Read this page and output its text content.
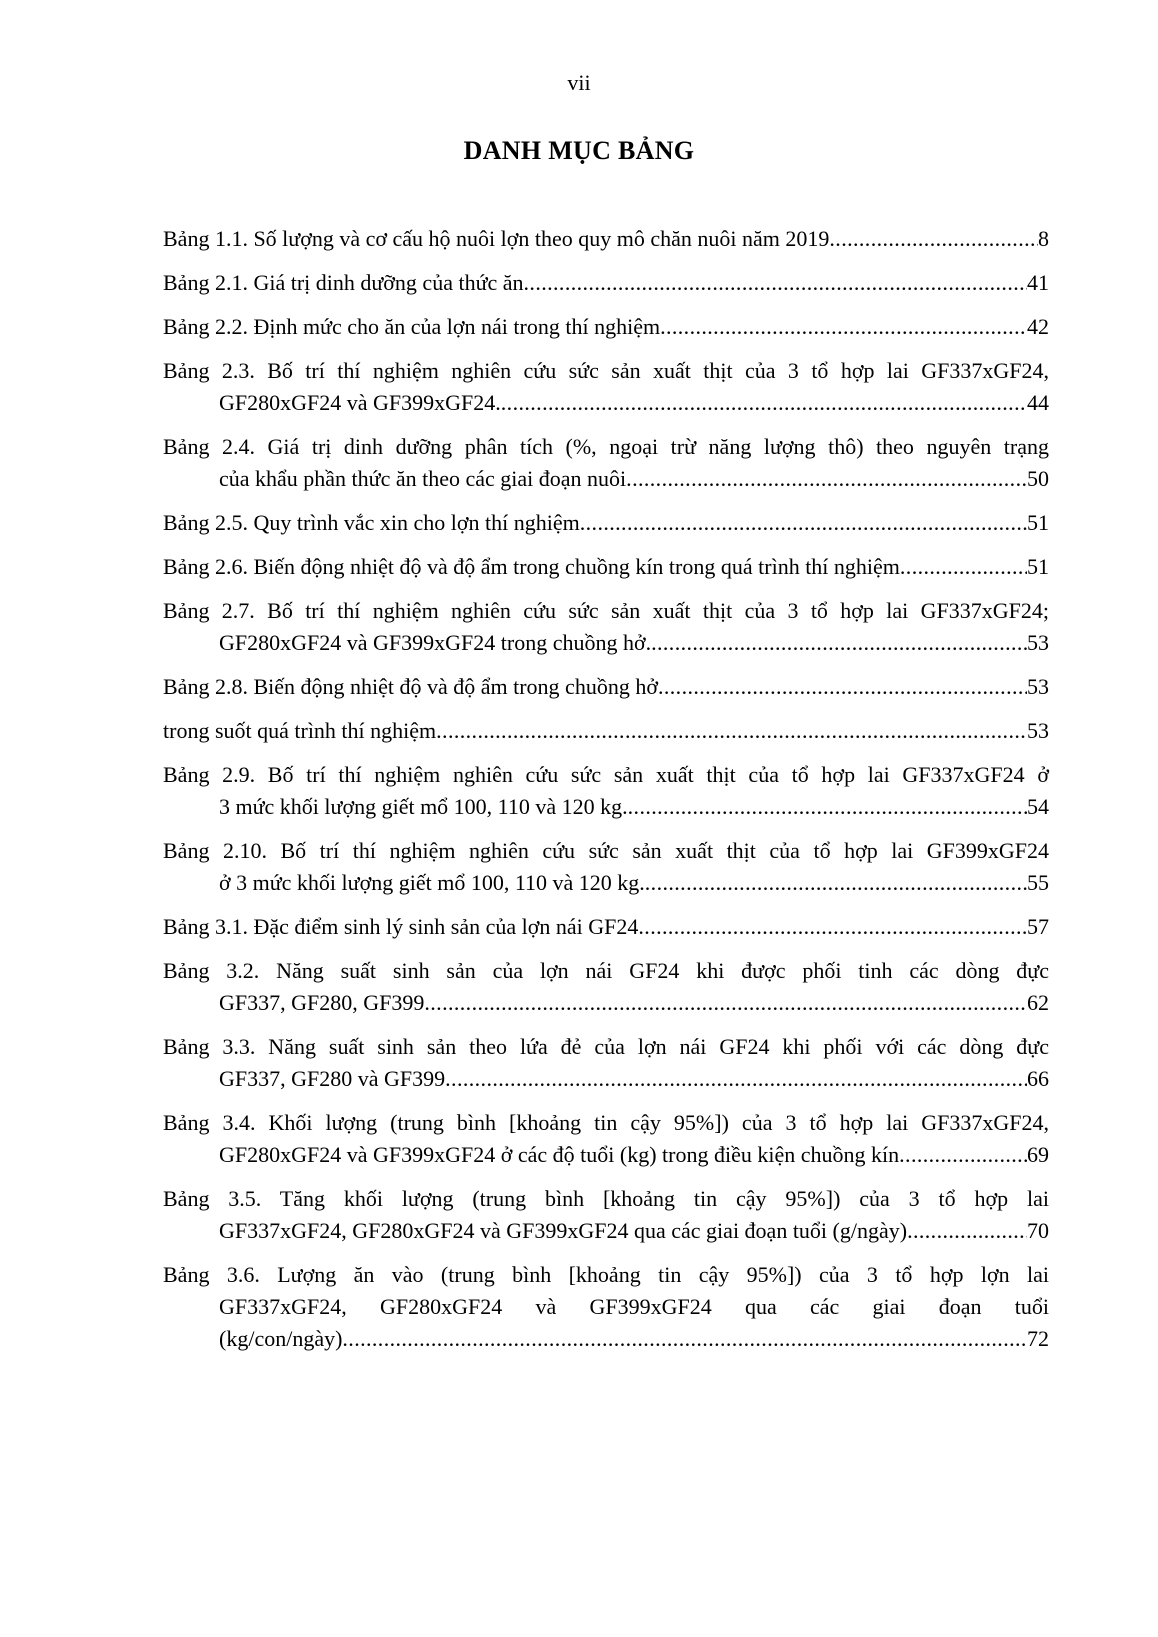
vii
DANH MỤC BẢNG
Bảng 1.1. Số lượng và cơ cấu hộ nuôi lợn theo quy mô chăn nuôi năm 2019 .....	8
Bảng 2.1. Giá trị dinh dưỡng của thức ăn .....	41
Bảng 2.2. Định mức cho ăn của lợn nái trong thí nghiệm .....	42
Bảng 2.3. Bố trí thí nghiệm nghiên cứu sức sản xuất thịt của 3 tổ hợp lai GF337xGF24,
GF280xGF24 và GF399xGF24. .....	44
Bảng 2.4. Giá trị dinh dưỡng phân tích (%, ngoại trừ năng lượng thô) theo nguyên trạng
của khẩu phần thức ăn theo các giai đoạn nuôi .....	50
Bảng 2.5. Quy trình vắc xin cho lợn thí nghiệm .....	51
Bảng 2.6. Biến động nhiệt độ và độ ẩm trong chuồng kín trong quá trình thí nghiệm .....	51
Bảng 2.7. Bố trí thí nghiệm nghiên cứu sức sản xuất thịt của 3 tổ hợp lai GF337xGF24;
GF280xGF24 và GF399xGF24 trong chuồng hở. .....	53
Bảng 2.8. Biến động nhiệt độ và độ ẩm trong chuồng hở .....	53
trong suốt quá trình thí nghiệm .....	53
Bảng 2.9. Bố trí thí nghiệm nghiên cứu sức sản xuất thịt của tổ hợp lai GF337xGF24 ở
3 mức khối lượng giết mổ 100, 110 và 120 kg. .....	54
Bảng 2.10. Bố trí thí nghiệm nghiên cứu sức sản xuất thịt của tổ hợp lai GF399xGF24
ở 3 mức khối lượng giết mổ 100, 110 và 120 kg. .....	55
Bảng 3.1. Đặc điểm sinh lý sinh sản của lợn nái GF24 .....	57
Bảng 3.2. Năng suất sinh sản của lợn nái GF24 khi được phối tinh các dòng đực
GF337, GF280, GF399 .....	62
Bảng 3.3. Năng suất sinh sản theo lứa đẻ của lợn nái GF24 khi phối với các dòng đực
GF337, GF280 và GF399 .....	66
Bảng 3.4. Khối lượng (trung bình [khoảng tin cậy 95%]) của 3 tổ hợp lai GF337xGF24,
GF280xGF24 và GF399xGF24 ở các độ tuổi (kg) trong điều kiện chuồng kín .....	69
Bảng 3.5. Tăng khối lượng (trung bình [khoảng tin cậy 95%]) của 3 tổ hợp lai
GF337xGF24, GF280xGF24 và GF399xGF24 qua các giai đoạn tuổi (g/ngày) .....	70
Bảng 3.6. Lượng ăn vào (trung bình [khoảng tin cậy 95%]) của 3 tổ hợp lợn lai
GF337xGF24, GF280xGF24 và GF399xGF24 qua các giai đoạn tuổi
(kg/con/ngày) .....	72
